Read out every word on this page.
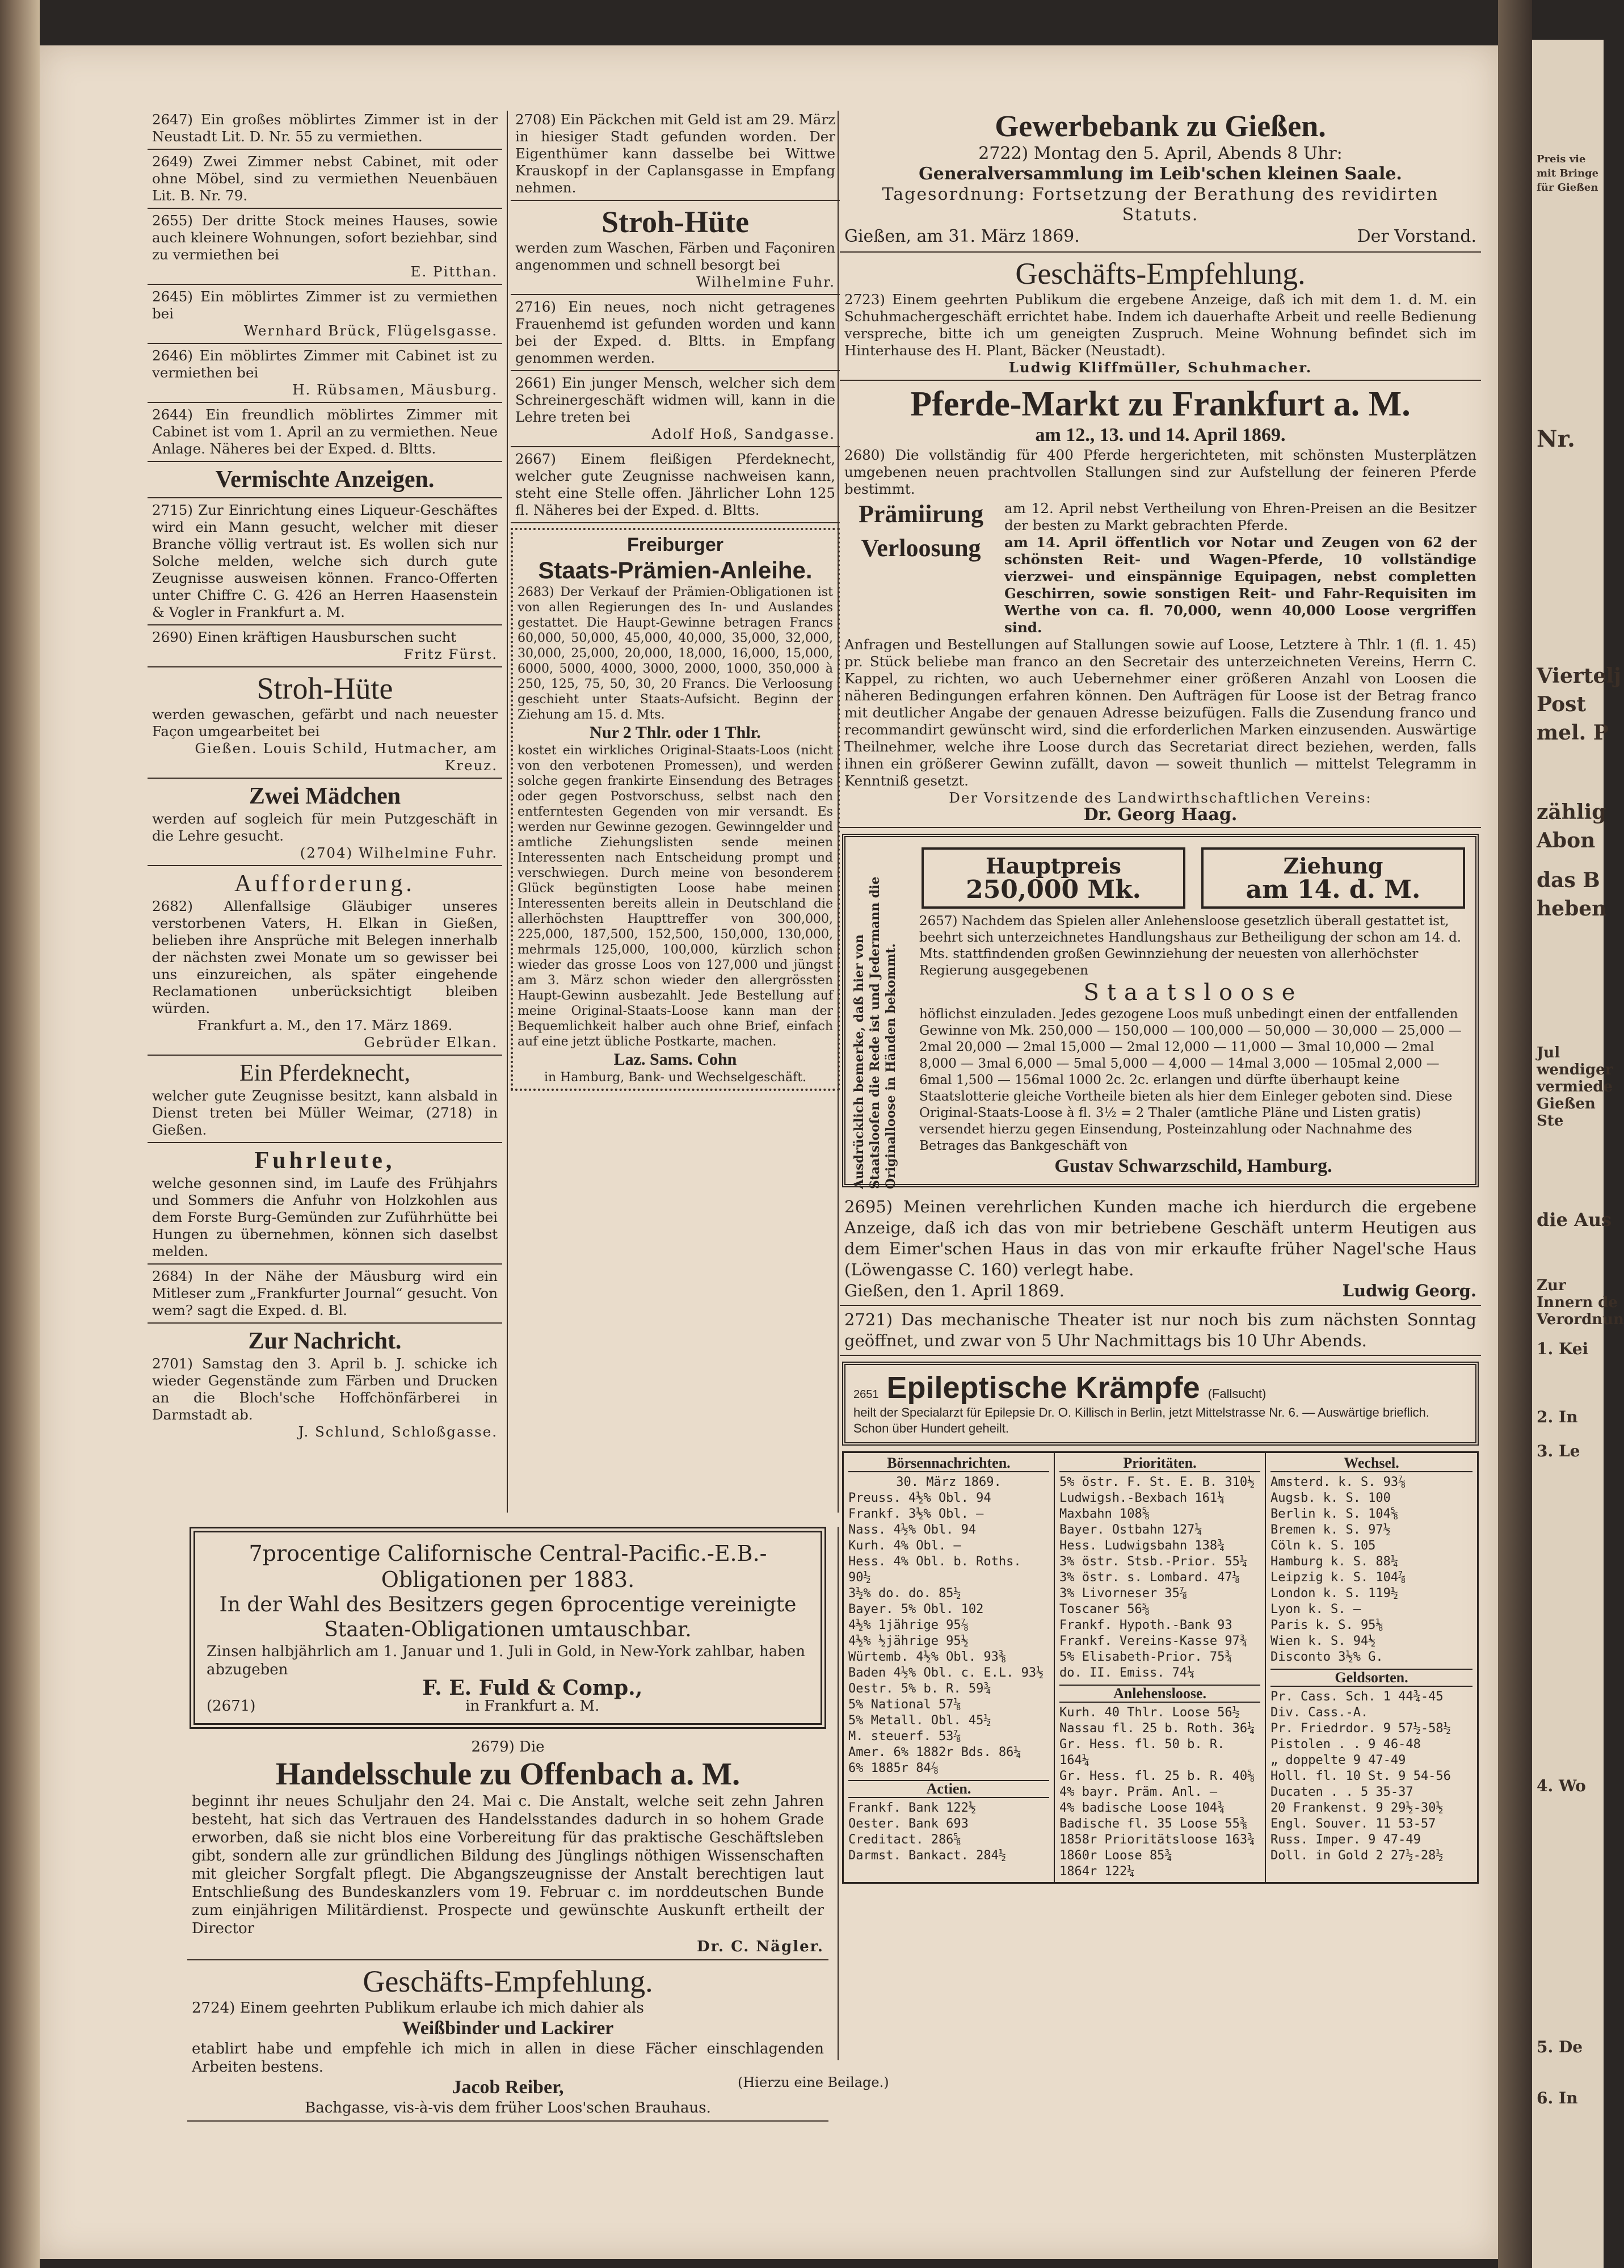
Preis vie
mit Bringe
für Gießen
Nr.
Viertelj
Post
mel. P
zählig
Abon
das B
heben
Jul
wendiger
vermiede
Gießen
Ste
die Aus
Zur
Innern de
Verordnun
1. Kei
2. In
3. Le
4. Wo
5. De
6. In
2647) Ein großes möblirtes Zimmer ist in der Neustadt Lit. D. Nr. 55 zu vermiethen.
2649) Zwei Zimmer nebst Cabinet, mit oder ohne Möbel, sind zu vermiethen Neuenbäuen Lit. B. Nr. 79.
2655) Der dritte Stock meines Hauses, sowie auch kleinere Wohnungen, sofort beziehbar, sind zu vermiethen bei
E. Pitthan.
2645) Ein möblirtes Zimmer ist zu vermiethen bei
Wernhard Brück, Flügelsgasse.
2646) Ein möblirtes Zimmer mit Cabinet ist zu vermiethen bei
H. Rübsamen, Mäusburg.
2644) Ein freundlich möblirtes Zimmer mit Cabinet ist vom 1. April an zu vermiethen. Neue Anlage. Näheres bei der Exped. d. Bltts.
Vermischte Anzeigen.
2715) Zur Einrichtung eines Liqueur-Geschäftes wird ein Mann gesucht, welcher mit dieser Branche völlig vertraut ist. Es wollen sich nur Solche melden, welche sich durch gute Zeugnisse ausweisen können. Franco-Offerten unter Chiffre C. G. 426 an Herren Haasenstein & Vogler in Frankfurt a. M.
2690) Einen kräftigen Hausburschen sucht
Fritz Fürst.
Stroh-Hüte
werden gewaschen, gefärbt und nach neuester Façon umgearbeitet bei
Gießen. Louis Schild, Hutmacher, am Kreuz.
Zwei Mädchen
werden auf sogleich für mein Putzgeschäft in die Lehre gesucht.
(2704) Wilhelmine Fuhr.
Aufforderung.
2682) Allenfallsige Gläubiger unseres verstorbenen Vaters, H. Elkan in Gießen, belieben ihre Ansprüche mit Belegen innerhalb der nächsten zwei Monate um so gewisser bei uns einzureichen, als später eingehende Reclamationen unberücksichtigt bleiben würden.
Frankfurt a. M., den 17. März 1869.
Gebrüder Elkan.
Ein Pferdeknecht,
welcher gute Zeugnisse besitzt, kann alsbald in Dienst treten bei Müller Weimar, (2718) in Gießen.
Fuhrleute,
welche gesonnen sind, im Laufe des Frühjahrs und Sommers die Anfuhr von Holzkohlen aus dem Forste Burg-Gemünden zur Zuführhütte bei Hungen zu übernehmen, können sich daselbst melden.
2684) In der Nähe der Mäusburg wird ein Mitleser zum „Frankfurter Journal“ gesucht. Von wem? sagt die Exped. d. Bl.
Zur Nachricht.
2701) Samstag den 3. April b. J. schicke ich wieder Gegenstände zum Färben und Drucken an die Bloch'sche Hoffchönfärberei in Darmstadt ab.
J. Schlund, Schloßgasse.
2708) Ein Päckchen mit Geld ist am 29. März in hiesiger Stadt gefunden worden. Der Eigenthümer kann dasselbe bei Wittwe Krauskopf in der Caplansgasse in Empfang nehmen.
Stroh-Hüte
werden zum Waschen, Färben und Façoniren angenommen und schnell besorgt bei
Wilhelmine Fuhr.
2716) Ein neues, noch nicht getragenes Frauenhemd ist gefunden worden und kann bei der Exped. d. Bltts. in Empfang genommen werden.
2661) Ein junger Mensch, welcher sich dem Schreinergeschäft widmen will, kann in die Lehre treten bei
Adolf Hoß, Sandgasse.
2667) Einem fleißigen Pferdeknecht, welcher gute Zeugnisse nachweisen kann, steht eine Stelle offen. Jährlicher Lohn 125 fl. Näheres bei der Exped. d. Bltts.
Freiburger
Staats-Prämien-Anleihe.
2683) Der Verkauf der Prämien-Obligationen ist von allen Regierungen des In- und Auslandes gestattet. Die Haupt-Gewinne betragen Francs 60,000, 50,000, 45,000, 40,000, 35,000, 32,000, 30,000, 25,000, 20,000, 18,000, 16,000, 15,000, 6000, 5000, 4000, 3000, 2000, 1000, 350,000 à 250, 125, 75, 50, 30, 20 Francs. Die Verloosung geschieht unter Staats-Aufsicht. Beginn der Ziehung am 15. d. Mts.
Nur 2 Thlr. oder 1 Thlr.
kostet ein wirkliches Original-Staats-Loos (nicht von den verbotenen Promessen), und werden solche gegen frankirte Einsendung des Betrages oder gegen Postvorschuss, selbst nach den entferntesten Gegenden von mir versandt. Es werden nur Gewinne gezogen. Gewinngelder und amtliche Ziehungslisten sende meinen Interessenten nach Entscheidung prompt und verschwiegen. Durch meine von besonderem Glück begünstigten Loose habe meinen Interessenten bereits allein in Deutschland die allerhöchsten Haupttreffer von 300,000, 225,000, 187,500, 152,500, 150,000, 130,000, mehrmals 125,000, 100,000, kürzlich schon wieder das grosse Loos von 127,000 und jüngst am 3. März schon wieder den allergrössten Haupt-Gewinn ausbezahlt. Jede Bestellung auf meine Original-Staats-Loose kann man der Bequemlichkeit halber auch ohne Brief, einfach auf eine jetzt übliche Postkarte, machen.
Laz. Sams. Cohn
in Hamburg, Bank- und Wechselgeschäft.
Gewerbebank zu Gießen.
2722) Montag den 5. April, Abends 8 Uhr:
Generalversammlung im Leib'schen kleinen Saale.
Tagesordnung: Fortsetzung der Berathung des revidirten Statuts.
Gießen, am 31. März 1869.	Der Vorstand.
Geschäfts-Empfehlung.
2723) Einem geehrten Publikum die ergebene Anzeige, daß ich mit dem 1. d. M. ein Schuhmachergeschäft errichtet habe. Indem ich dauerhafte Arbeit und reelle Bedienung verspreche, bitte ich um geneigten Zuspruch. Meine Wohnung befindet sich im Hinterhause des H. Plant, Bäcker (Neustadt).
Ludwig Kliffmüller, Schuhmacher.
Pferde-Markt zu Frankfurt a. M.
am 12., 13. und 14. April 1869.
2680) Die vollständig für 400 Pferde hergerichteten, mit schönsten Musterplätzen umgebenen neuen prachtvollen Stallungen sind zur Aufstellung der feineren Pferde bestimmt.
Prämiirung	am 12. April nebst Vertheilung von Ehren-Preisen an die Besitzer der besten zu Markt gebrachten Pferde.
Verloosung	am 14. April öffentlich vor Notar und Zeugen von 62 der schönsten Reit- und Wagen-Pferde, 10 vollständige vierzwei- und einspännige Equipagen, nebst completten Geschirren, sowie sonstigen Reit- und Fahr-Requisiten im Werthe von ca. fl. 70,000, wenn 40,000 Loose vergriffen sind.
Anfragen und Bestellungen auf Stallungen sowie auf Loose, Letztere à Thlr. 1 (fl. 1. 45) pr. Stück beliebe man franco an den Secretair des unterzeichneten Vereins, Herrn C. Kappel, zu richten, wo auch Uebernehmer einer größeren Anzahl von Loosen die näheren Bedingungen erfahren können. Den Aufträgen für Loose ist der Betrag franco mit deutlicher Angabe der genauen Adresse beizufügen. Falls die Zusendung franco und recommandirt gewünscht wird, sind die erforderlichen Marken einzusenden. Auswärtige Theilnehmer, welche ihre Loose durch das Secretariat direct beziehen, werden, falls ihnen ein größerer Gewinn zufällt, davon — soweit thunlich — mittelst Telegramm in Kenntniß gesetzt.
Der Vorsitzende des Landwirthschaftlichen Vereins:
Dr. Georg Haag.
Ausdrücklich bemerke, daß hier von Staatslooſen die Rede ist und Jedermann die Originalloose in Händen bekommt.
Hauptpreis
250,000 Mk.
Ziehung
am 14. d. M.
2657) Nachdem das Spielen aller Anlehensloose gesetzlich überall gestattet ist, beehrt sich unterzeichnetes Handlungshaus zur Betheiligung der schon am 14. d. Mts. stattfindenden großen Gewinnziehung der neuesten von allerhöchster Regierung ausgegebenen
Staatsloose
höflichst einzuladen. Jedes gezogene Loos muß unbedingt einen der entfallenden Gewinne von Mk. 250,000 — 150,000 — 100,000 — 50,000 — 30,000 — 25,000 — 2mal 20,000 — 2mal 15,000 — 2mal 12,000 — 11,000 — 3mal 10,000 — 2mal 8,000 — 3mal 6,000 — 5mal 5,000 — 4,000 — 14mal 3,000 — 105mal 2,000 — 6mal 1,500 — 156mal 1000 2c. 2c. erlangen und dürfte überhaupt keine Staatslotterie gleiche Vortheile bieten als hier dem Einleger geboten sind. Diese Original-Staats-Loose à fl. 3½ = 2 Thaler (amtliche Pläne und Listen gratis) versendet hierzu gegen Einsendung, Posteinzahlung oder Nachnahme des Betrages das Bankgeschäft von
Gustav Schwarzschild, Hamburg.
2695) Meinen verehrlichen Kunden mache ich hierdurch die ergebene Anzeige, daß ich das von mir betriebene Geschäft unterm Heutigen aus dem Eimer'schen Haus in das von mir erkaufte früher Nagel'sche Haus (Löwengasse C. 160) verlegt habe.
Gießen, den 1. April 1869.	Ludwig Georg.
2721) Das mechanische Theater ist nur noch bis zum nächsten Sonntag geöffnet, und zwar von 5 Uhr Nachmittags bis 10 Uhr Abends.
2651 Epileptische Krämpfe (Fallsucht)
heilt der Specialarzt für Epilepsie Dr. O. Killisch in Berlin, jetzt Mittelstrasse Nr. 6. — Auswärtige brieflich. Schon über Hundert geheilt.
Börsennachrichten.
30. März 1869.
Preuss. 4½% Obl. 94
Frankf. 3½% Obl. —
Nass. 4½% Obl. 94
Kurh. 4% Obl. —
Hess. 4% Obl. b. Roths. 90½
3½% do. do. 85½
Bayer. 5% Obl. 102
4½% 1jährige 95⅞
4½% ½jährige 95½
Würtemb. 4½% Obl. 93⅜
Baden 4½% Obl. c. E.L. 93½
Oestr. 5% b. R. 59¾
5% National 57⅛
5% Metall. Obl. 45½
M. steuerf. 53⅞
Amer. 6% 1882r Bds. 86¼
6% 1885r 84⅞
Actien.
Frankf. Bank 122½
Oester. Bank 693
Creditact. 286⅝
Darmst. Bankact. 284½
Prioritäten.
5% östr. F. St. E. B. 310½
Ludwigsh.-Bexbach 161¼
Maxbahn 108⅝
Bayer. Ostbahn 127¼
Hess. Ludwigsbahn 138¾
3% östr. Stsb.-Prior. 55¼
3% östr. s. Lombard. 47⅛
3% Livorneser 35⅞
Toscaner 56⅝
Frankf. Hypoth.-Bank 93
Frankf. Vereins-Kasse 97¾
5% Elisabeth-Prior. 75¾
do. II. Emiss. 74¼
Anlehensloose.
Kurh. 40 Thlr. Loose 56½
Nassau fl. 25 b. Roth. 36¼
Gr. Hess. fl. 50 b. R. 164¼
Gr. Hess. fl. 25 b. R. 40⅝
4% bayr. Präm. Anl. —
4% badische Loose 104¾
Badische fl. 35 Loose 55⅜
1858r Prioritätsloose 163¾
1860r Loose 85¾
1864r 122¼
Wechsel.
Amsterd. k. S. 93⅞
Augsb. k. S. 100
Berlin k. S. 104⅝
Bremen k. S. 97½
Cöln k. S. 105
Hamburg k. S. 88¼
Leipzig k. S. 104⅞
London k. S. 119½
Lyon k. S. —
Paris k. S. 95⅛
Wien k. S. 94½
Disconto 3½% G.
Geldsorten.
Pr. Cass. Sch. 1 44¾-45
Div. Cass.-A.
Pr. Friedrdor. 9 57½-58½
Pistolen . . 9 46-48
„ doppelte 9 47-49
Holl. fl. 10 St. 9 54-56
Ducaten . . 5 35-37
20 Frankenst. 9 29½-30½
Engl. Souver. 11 53-57
Russ. Imper. 9 47-49
Doll. in Gold 2 27½-28½
7procentige Californische Central-Pacific.-E.B.-Obligationen per 1883.
In der Wahl des Besitzers gegen 6procentige vereinigte Staaten-Obligationen umtauschbar.
Zinsen halbjährlich am 1. Januar und 1. Juli in Gold, in New-York zahlbar, haben abzugeben
(2671)
F. E. Fuld & Comp.,
in Frankfurt a. M.
2679) Die
Handelsschule zu Offenbach a. M.
beginnt ihr neues Schuljahr den 24. Mai c. Die Anstalt, welche seit zehn Jahren besteht, hat sich das Vertrauen des Handelsstandes dadurch in so hohem Grade erworben, daß sie nicht blos eine Vorbereitung für das praktische Geschäftsleben gibt, sondern alle zur gründlichen Bildung des Jünglings nöthigen Wissenschaften mit gleicher Sorgfalt pflegt. Die Abgangszeugnisse der Anstalt berechtigen laut Entschließung des Bundeskanzlers vom 19. Februar c. im norddeutschen Bunde zum einjährigen Militärdienst. Prospecte und gewünschte Auskunft ertheilt der Director
Dr. C. Nägler.
Geschäfts-Empfehlung.
2724) Einem geehrten Publikum erlaube ich mich dahier als
Weißbinder und Lackirer
etablirt habe und empfehle ich mich in allen in diese Fächer einschlagenden Arbeiten bestens.
Jacob Reiber,
Bachgasse, vis-à-vis dem früher Loos'schen Brauhaus.
(Hierzu eine Beilage.)
